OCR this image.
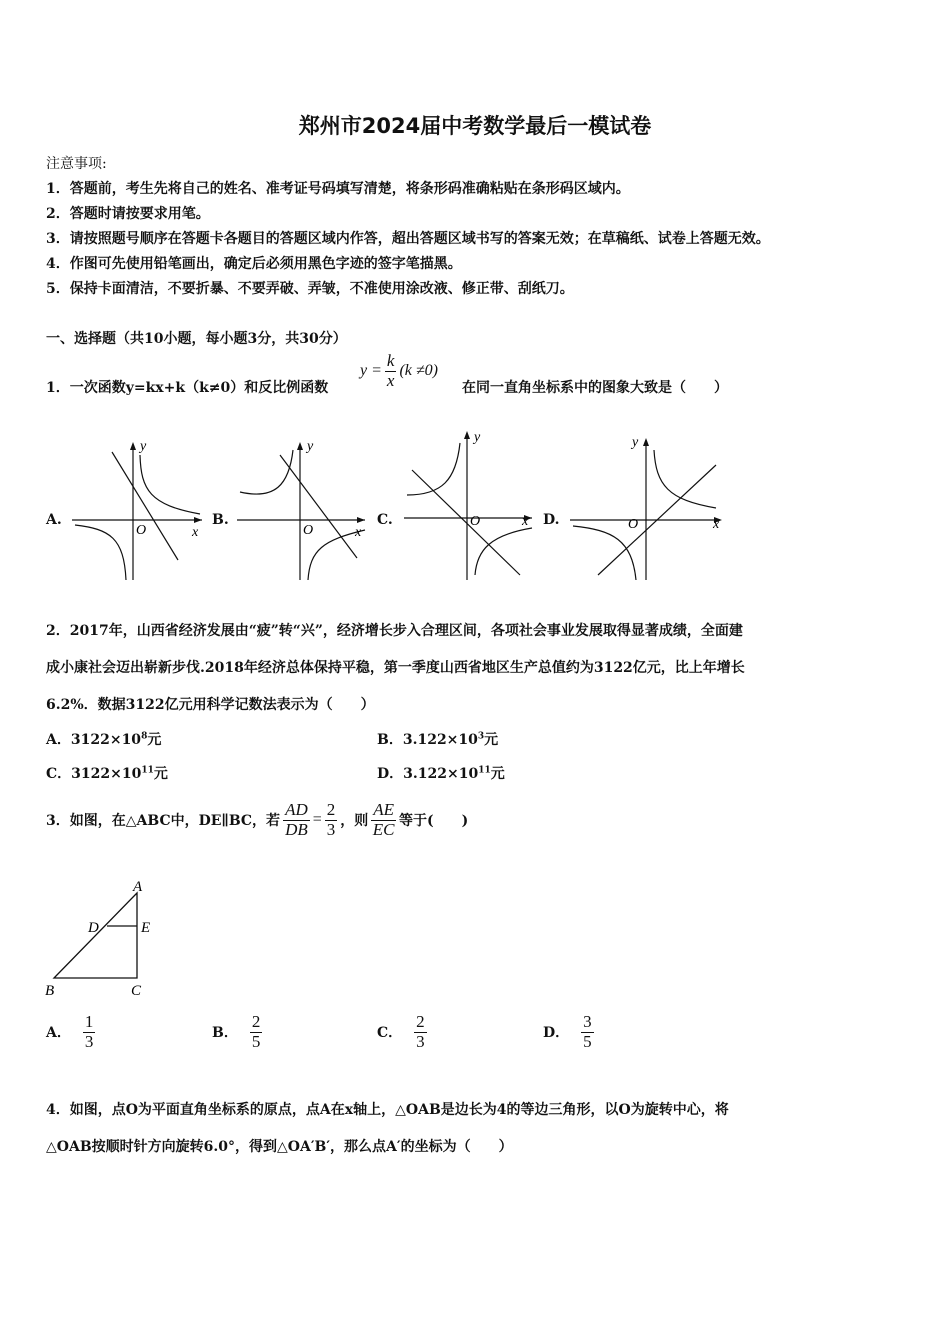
郑州市2024届中考数学最后一模试卷
注意事项:
1．答题前，考生先将自己的姓名、准考证号码填写清楚，将条形码准确粘贴在条形码区域内。
2．答题时请按要求用笔。
3．请按照题号顺序在答题卡各题目的答题区域内作答，超出答题区域书写的答案无效；在草稿纸、试卷上答题无效。
4．作图可先使用铅笔画出，确定后必须用黑色字迹的签字笔描黑。
5．保持卡面清洁，不要折暴、不要弄破、弄皱，不准使用涂改液、修正带、刮纸刀。
一、选择题（共10小题，每小题3分，共30分）
1．一次函数y=kx+k（k≠0）和反比例函数
$y = \frac{k}{x} (k \ne 0)$
在同一直角坐标系中的图象大致是（　　）
A.	B.	C.	D.
y
x
O
y
x
O
y
x
O
y
x
O
2．2017年，山西省经济发展由“疲”转“兴”，经济增长步入合理区间，各项社会事业发展取得显著成绩，全面建
成小康社会迈出崭新步伐.2018年经济总体保持平稳，第一季度山西省地区生产总值约为3122亿元，比上年增长
6.2%．数据3122亿元用科学记数法表示为（　　）
A．$3122\times 10^8$元	B．$3.122\times 10^3$元
C．$3122\times 10^{11}$元	D．$3.122\times 10^{11}$元
3．如图，在△ABC中，DE∥BC，若 $\frac{AD}{DB} = \frac{2}{3}$ ，则 $\frac{AE}{EC}$ 等于(　　)
A
B	C
D	E
A． $\frac{1}{3}$	B． $\frac{2}{5}$	C． $\frac{2}{3}$	D． $\frac{3}{5}$
4．如图，点O为平面直角坐标系的原点，点A在x轴上，△OAB是边长为4的等边三角形，以O为旋转中心，将
△OAB按顺时针方向旋转6.0°，得到△OA′B′，那么点A′的坐标为（　　）
